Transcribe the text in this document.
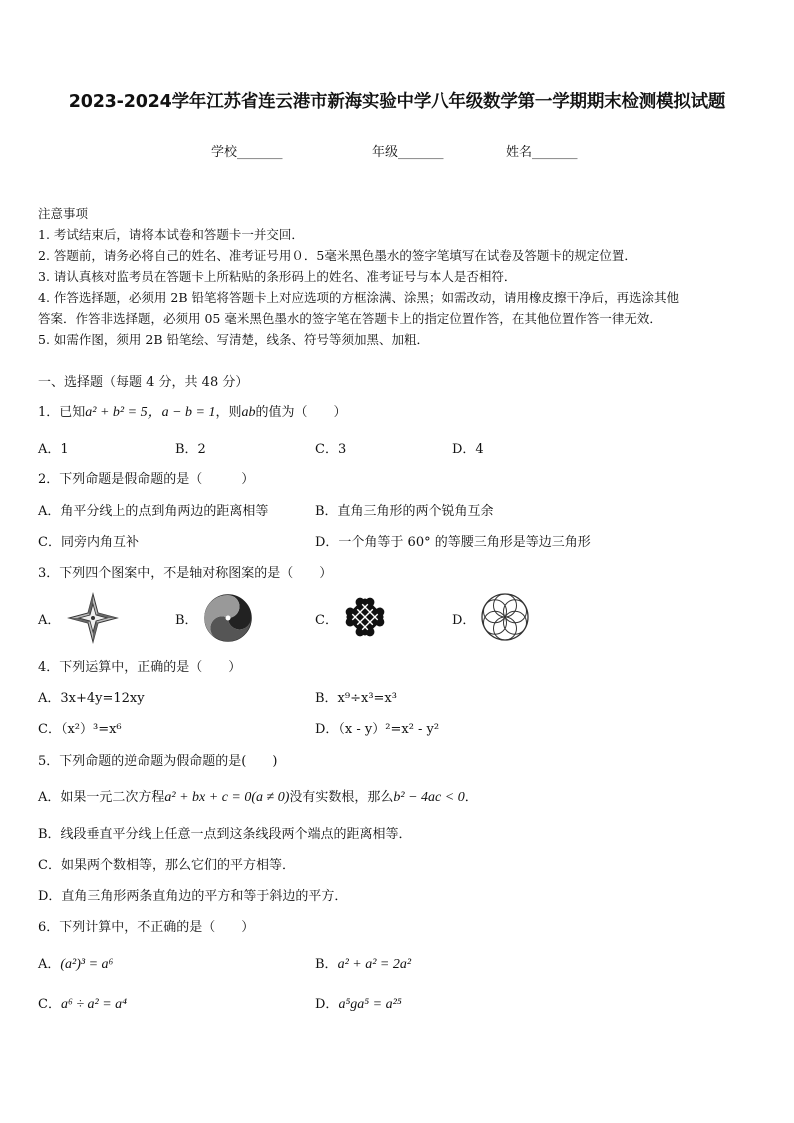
2023-2024学年江苏省连云港市新海实验中学八年级数学第一学期期末检测模拟试题
学校_______	年级_______	姓名_______
注意事项
1. 考试结束后，请将本试卷和答题卡一并交回．
2. 答题前，请务必将自己的姓名、准考证号用０．5毫米黑色墨水的签字笔填写在试卷及答题卡的规定位置．
3. 请认真核对监考员在答题卡上所粘贴的条形码上的姓名、准考证号与本人是否相符．
4. 作答选择题，必须用 2B 铅笔将答题卡上对应选项的方框涂满、涂黑；如需改动，请用橡皮擦干净后，再选涂其他
答案．作答非选择题，必须用 05 毫米黑色墨水的签字笔在答题卡上的指定位置作答，在其他位置作答一律无效．
5. 如需作图，须用 2B 铅笔绘、写清楚，线条、符号等须加黑、加粗．
一、选择题（每题 4 分，共 48 分）
1．已知a² + b² = 5，a − b = 1，则ab的值为（　　）
A．1	B．2	C．3	D．4
2．下列命题是假命题的是（　　　）
A．角平分线上的点到角两边的距离相等	B．直角三角形的两个锐角互余
C．同旁内角互补	D．一个角等于 60° 的等腰三角形是等边三角形
3．下列四个图案中，不是轴对称图案的是（　　）
A．	B．	C．	D．
4．下列运算中，正确的是（　　）
A．3x+4y=12xy	B．x⁹÷x³=x³
C．（x²）³=x⁶	D．（x - y）²=x² - y²
5．下列命题的逆命题为假命题的是(　　)
A．如果一元二次方程a² + bx + c = 0(a ≠ 0)没有实数根，那么b² − 4ac < 0．
B．线段垂直平分线上任意一点到这条线段两个端点的距离相等．
C．如果两个数相等，那么它们的平方相等．
D．直角三角形两条直角边的平方和等于斜边的平方．
6．下列计算中，不正确的是（　　）
A．(a²)³ = a⁶	B．a² + a² = 2a²
C．a⁶ ÷ a² = a⁴	D．a⁵ga⁵ = a²⁵
